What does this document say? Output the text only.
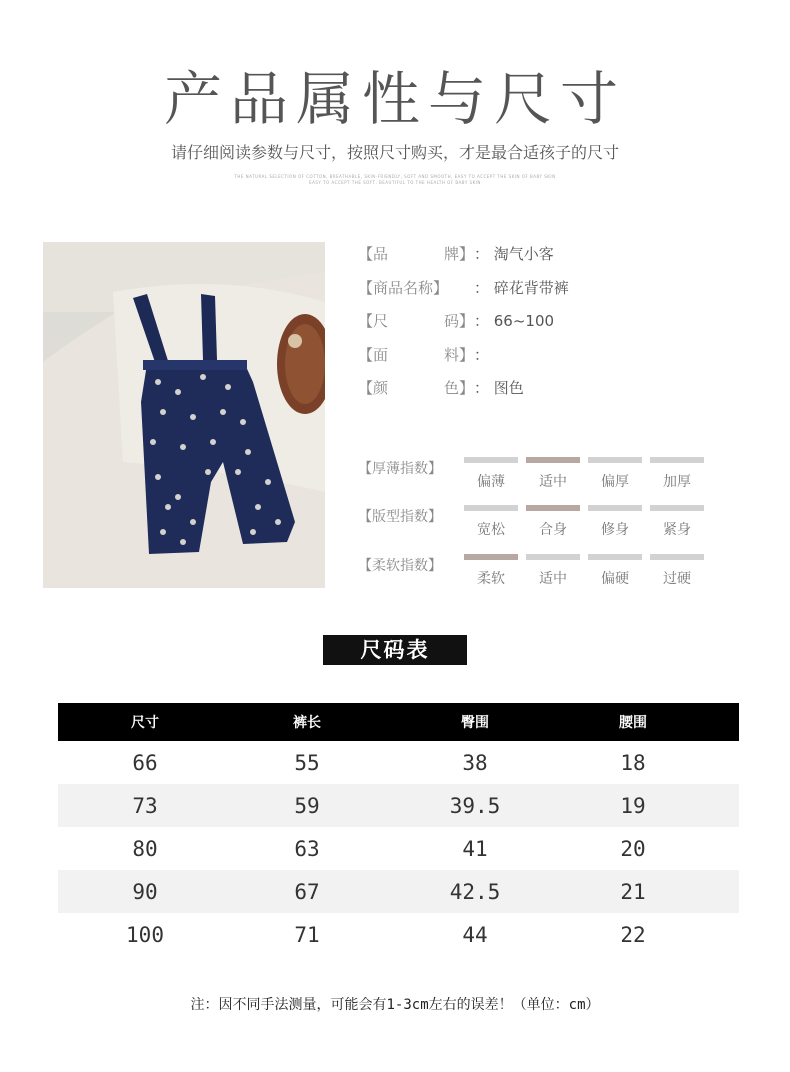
产品属性与尺寸
请仔细阅读参数与尺寸，按照尺寸购买，才是最合适孩子的尺寸
THE NATURAL SELECTION OF COTTON, BREATHABLE, SKIN-FRIENDLY, SOFT AND SMOOTH, EASY TO ACCEPT THE SKIN OF BABY SKIN
EASY TO ACCEPT THE SOFT, BEAUTIFUL TO THE HEALTH OF BABY SKIN
【品	牌】 ： 淘气小客
【商品名称】 ： 碎花背带裤
【尺	码】 ： 66~100
【面	料】 ：
【颜	色】 ： 图色
【厚薄指数】
偏薄	适中	偏厚	加厚
【版型指数】
宽松	合身	修身	紧身
【柔软指数】
柔软	适中	偏硬	过硬
尺码表
尺寸	裤长	臀围	腰围
66	55	38	18
73	59	39.5	19
80	63	41	20
90	67	42.5	21
100	71	44	22
注：因不同手法测量，可能会有1-3cm左右的误差！（单位：cm）
